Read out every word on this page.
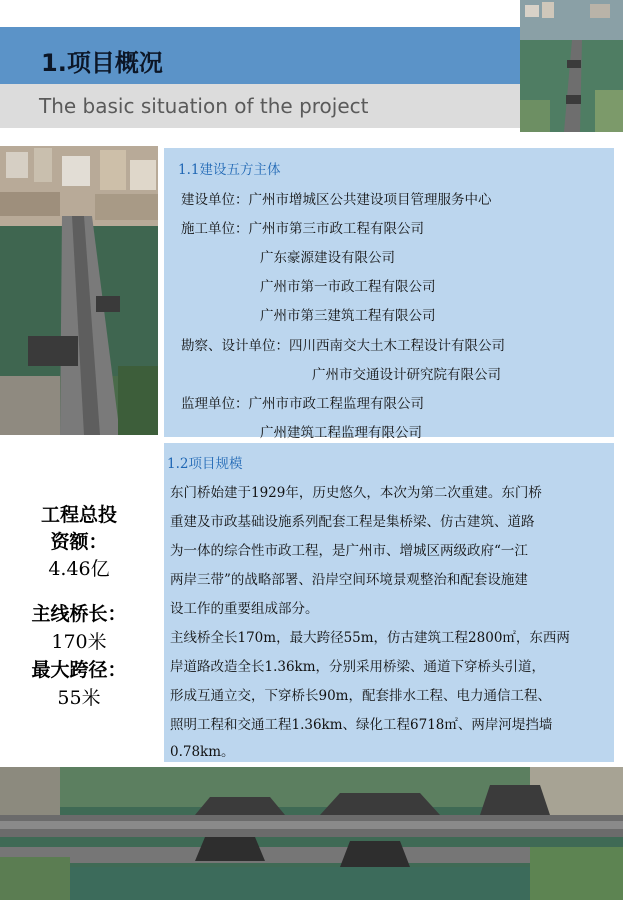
1.项目概况
The basic situation of the project
1.1建设五方主体
建设单位：广州市增城区公共建设项目管理服务中心
施工单位：广州市第三市政工程有限公司
广东豪源建设有限公司
广州市第一市政工程有限公司
广州市第三建筑工程有限公司
勘察、设计单位：四川西南交大土木工程设计有限公司
广州市交通设计研究院有限公司
监理单位：广州市市政工程监理有限公司
广州建筑工程监理有限公司
工程总投
资额：
4.46亿
主线桥长：
170米
最大跨径：
55米
1.2项目规模
东门桥始建于1929年，历史悠久，本次为第二次重建。东门桥
重建及市政基础设施系列配套工程是集桥梁、仿古建筑、道路
为一体的综合性市政工程，是广州市、增城区两级政府“一江
两岸三带”的战略部署、沿岸空间环境景观整治和配套设施建
设工作的重要组成部分。
主线桥全长170m，最大跨径55m，仿古建筑工程2800㎡，东西两
岸道路改造全长1.36km，分别采用桥梁、通道下穿桥头引道，
形成互通立交，下穿桥长90m，配套排水工程、电力通信工程、
照明工程和交通工程1.36km、绿化工程6718㎡、两岸河堤挡墙
0.78km。
